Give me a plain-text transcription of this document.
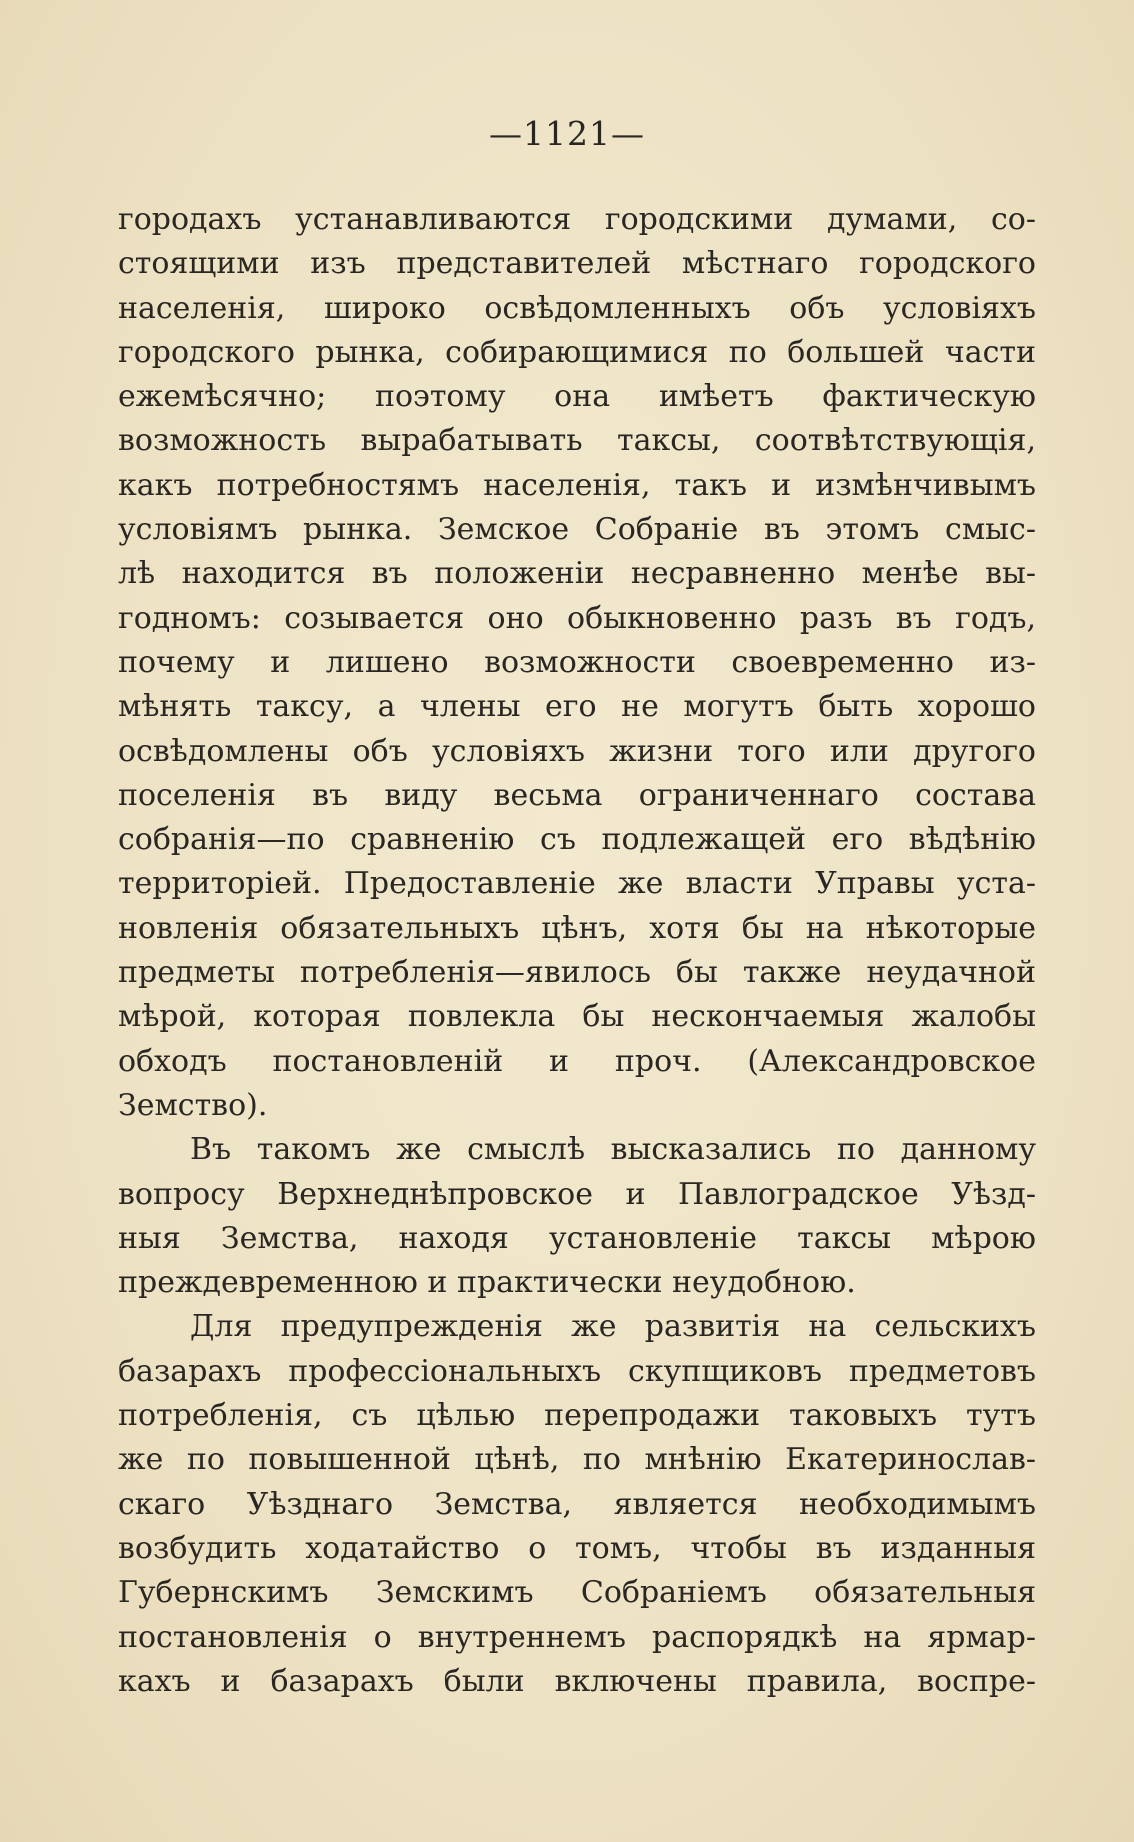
—1121—
городахъ устанавливаются городскими думами, со-
стоящими изъ представителей мѣстнаго городского
населенія, широко освѣдомленныхъ объ условіяхъ
городского рынка, собирающимися по большей части
ежемѣсячно; поэтому она имѣетъ фактическую
возможность вырабатывать таксы, соотвѣтствующія,
какъ потребностямъ населенія, такъ и измѣнчивымъ
условіямъ рынка. Земское Собраніе въ этомъ смыс-
лѣ находится въ положеніи несравненно менѣе вы-
годномъ: созывается оно обыкновенно разъ въ годъ,
почему и лишено возможности своевременно из-
мѣнять таксу, а члены его не могутъ быть хорошо
освѣдомлены объ условіяхъ жизни того или другого
поселенія въ виду весьма ограниченнаго состава
собранія—по сравненію съ подлежащей его вѣдѣнію
территоріей. Предоставленіе же власти Управы уста-
новленія обязательныхъ цѣнъ, хотя бы на нѣкоторые
предметы потребленія—явилось бы также неудачной
мѣрой, которая повлекла бы нескончаемыя жалобы
обходъ постановленій и проч. (Александровское
Земство).
Въ такомъ же смыслѣ высказались по данному
вопросу Верхнеднѣпровское и Павлоградское Уѣзд-
ныя Земства, находя установленіе таксы мѣрою
преждевременною и практически неудобною.
Для предупрежденія же развитія на сельскихъ
базарахъ профессіональныхъ скупщиковъ предметовъ
потребленія, съ цѣлью перепродажи таковыхъ тутъ
же по повышенной цѣнѣ, по мнѣнію Екатеринослав-
скаго Уѣзднаго Земства, является необходимымъ
возбудить ходатайство о томъ, чтобы въ изданныя
Губернскимъ Земскимъ Собраніемъ обязательныя
постановленія о внутреннемъ распорядкѣ на ярмар-
кахъ и базарахъ были включены правила, воспре-
